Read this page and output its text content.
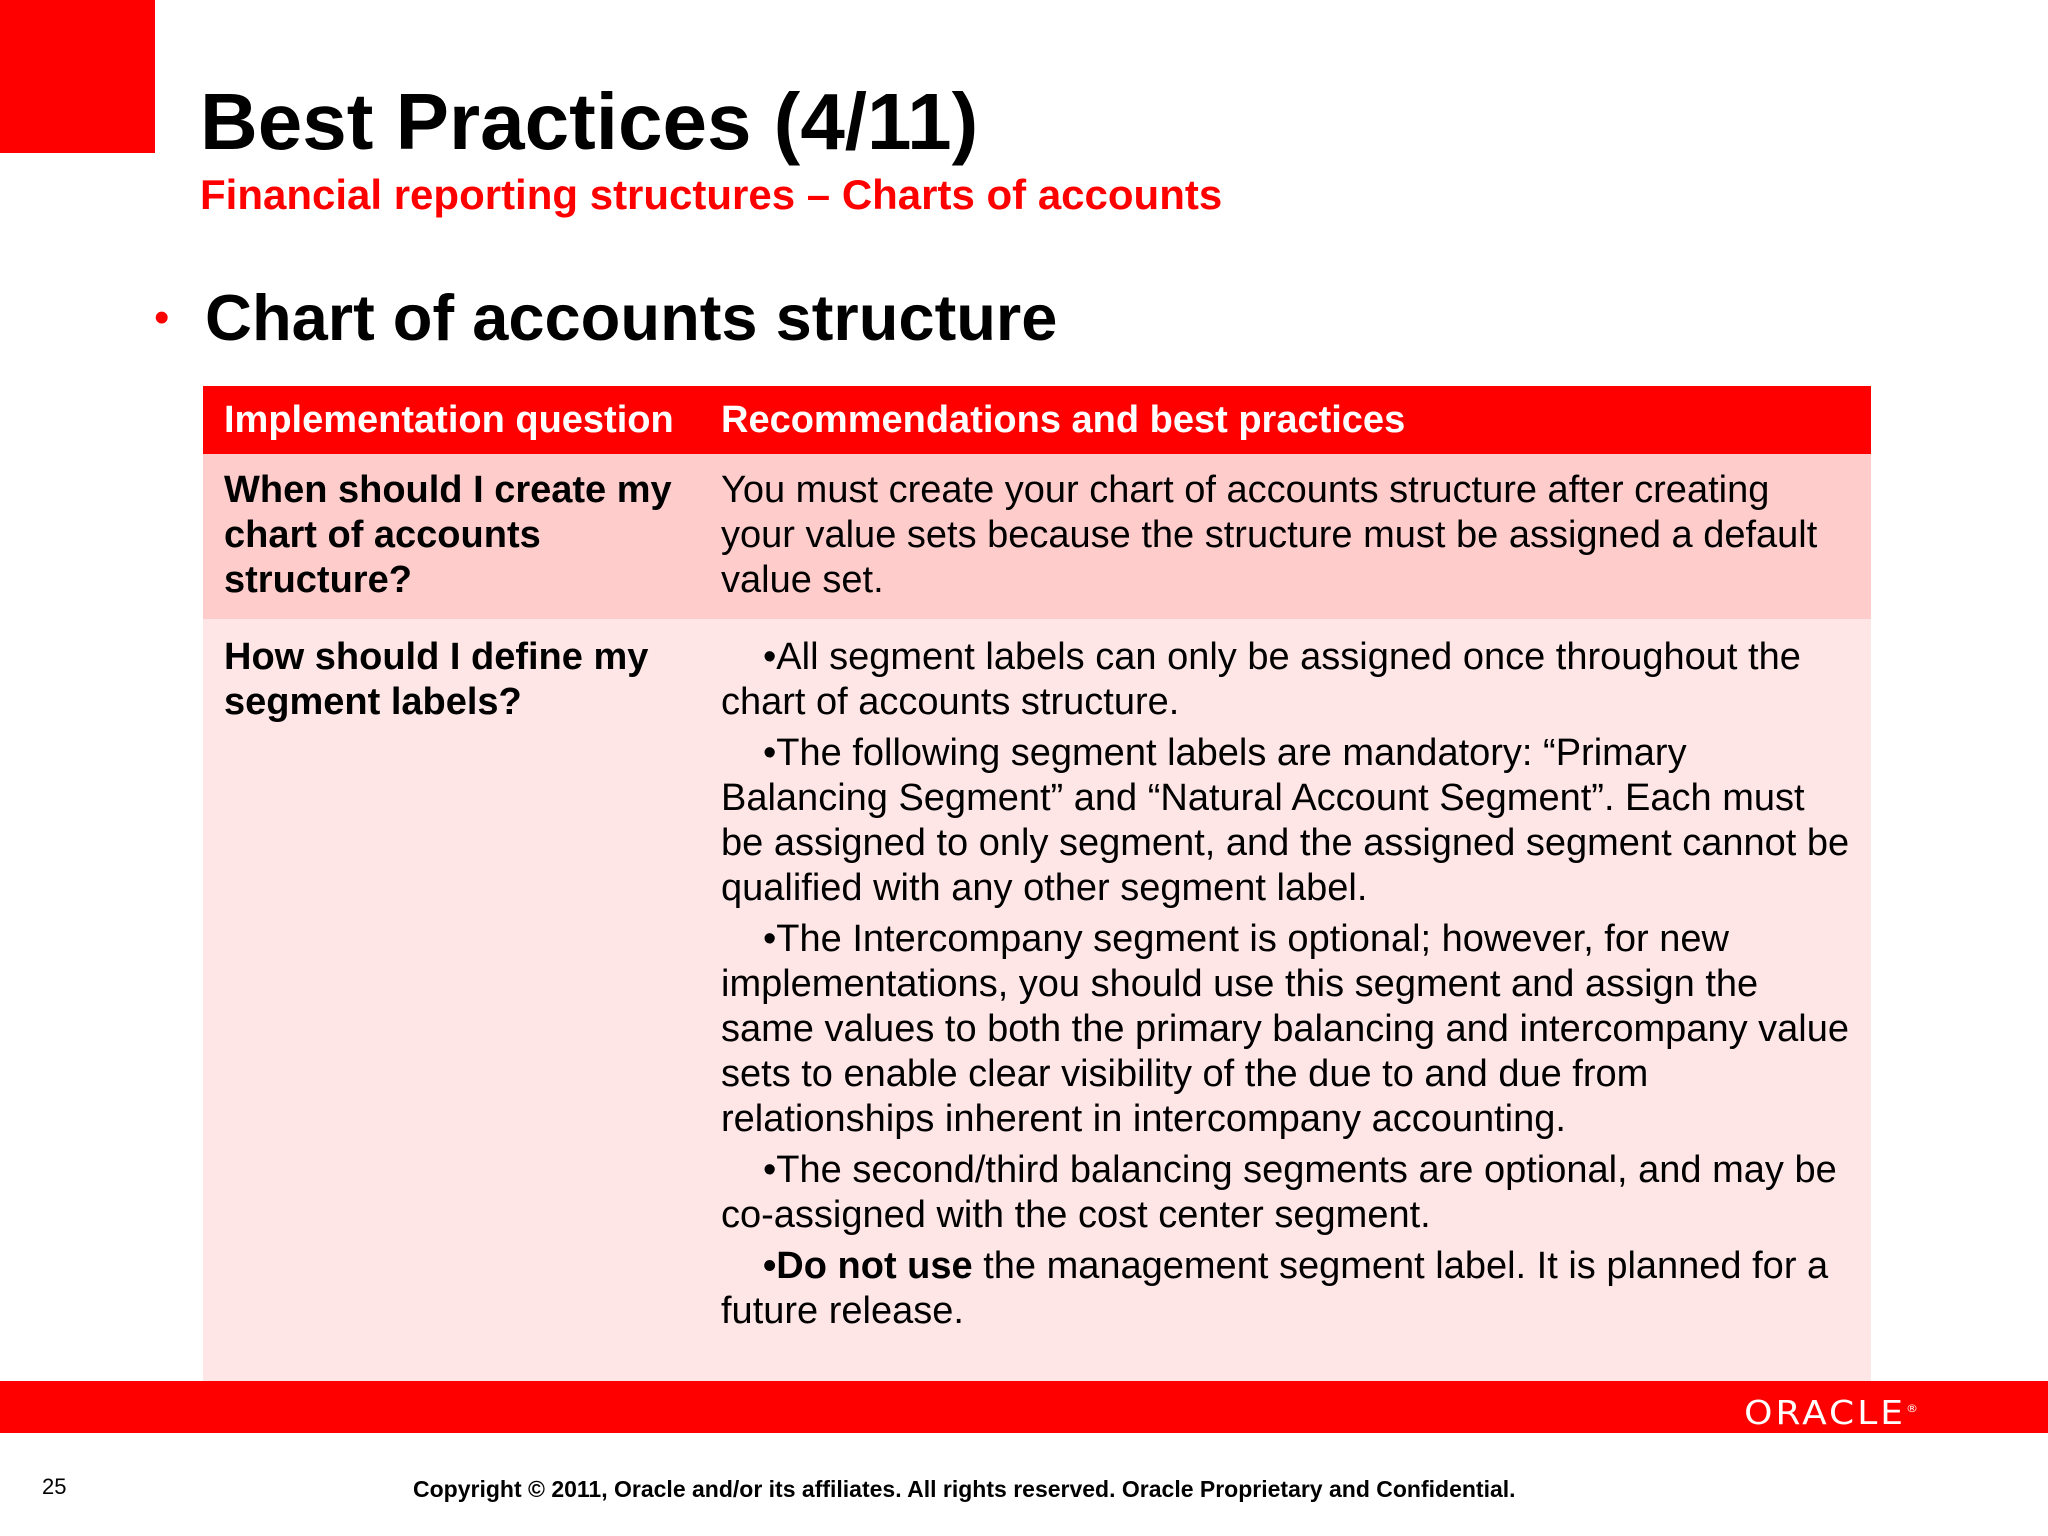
Best Practices (4/11)
Financial reporting structures – Charts of accounts
• Chart of accounts structure
Implementation question	Recommendations and best practices
When should I create my chart of accounts structure?
You must create your chart of accounts structure after creating your value sets because the structure must be assigned a default value set.
How should I define my segment labels?

•All segment labels can only be assigned once throughout the chart of accounts structure.

•The following segment labels are mandatory: “Primary Balancing Segment” and “Natural Account Segment”. Each must be assigned to only segment, and the assigned segment cannot be qualified with any other segment label.

•The Intercompany segment is optional; however, for new implementations, you should use this segment and assign the same values to both the primary balancing and intercompany value sets to enable clear visibility of the due to and due from relationships inherent in intercompany accounting.

•The second/third balancing segments are optional, and may be co-assigned with the cost center segment.

•Do not use the management segment label. It is planned for a future release.

ORACLE®
25	Copyright © 2011, Oracle and/or its affiliates. All rights reserved. Oracle Proprietary and Confidential.
